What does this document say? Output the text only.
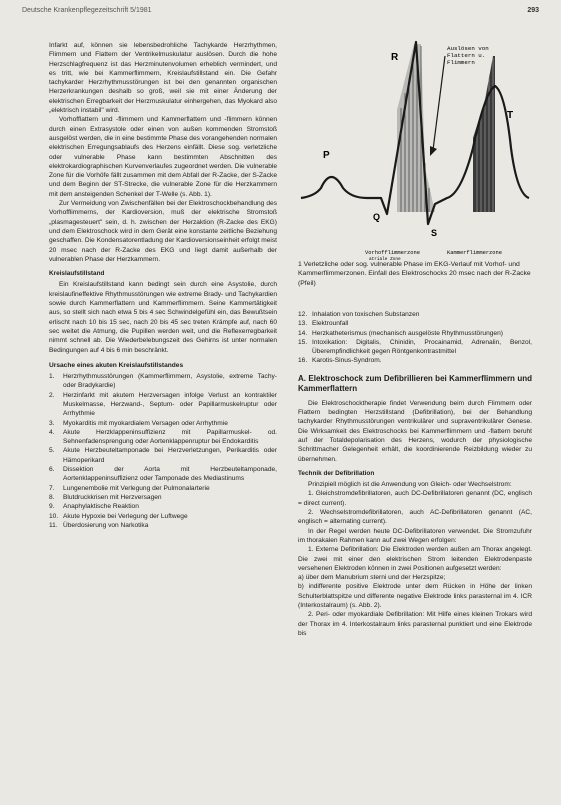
Deutsche Krankenpflegezeitschrift 5/1981	293

Infarkt auf, können sie lebensbedrohliche Tachykarde Herzrhythmen, Flimmern und Flattern der Ventrikelmuskulatur auslösen. Durch die hohe Herzschlagfrequenz ist das Herzminutenvolumen erheblich vermindert, und es tritt, wie bei Kammerflimmern, Kreislaufstillstand ein. Die Gefahr tachykarder Herzrhythmusstörungen ist bei den genannten organischen Herzerkrankungen deshalb so groß, weil sie mit einer Änderung der elektrischen Erregbarkeit der Herzmuskulatur einhergehen, das Myokard also „elektrisch instabil" wird.

Vorhofflattern und -flimmern und Kammerflattern und -flimmern können durch einen Extrasystole oder einen von außen kommenden Stromstoß ausgelöst werden, die in eine bestimmte Phase des vorangehenden normalen elektrischen Erregungsablaufs des Herzens einfällt. Diese sog. verletzliche oder vulnerable Phase kann bestimmten Abschnitten des elektrokardiographischen Kurvenverlaufes zugeordnet werden. Die vulnerable Zone für die Vorhöfe fällt zusammen mit dem Abfall der R-Zacke, der S-Zacke und dem Beginn der ST-Strecke, die vulnerable Zone für die Herzkammern mit dem ansteigenden Schenkel der T-Welle (s. Abb. 1).

Zur Vermeidung von Zwischenfällen bei der Elektroschockbehandlung des Vorhofflimmerns, der Kardioversion, muß der elektrische Stromstoß „plasmagesteuert" sein, d. h. zwischen der Herzaktion (R-Zacke des EKG) und dem Elektroschock wird in dem Gerät eine konstante zeitliche Beziehung geschaffen. Die Kondensatorentladung der Kardioversionseinheit erfolgt meist 20 msec nach der R-Zacke des EKG und liegt damit außerhalb der vulnerablen Phase der Herzkammern.

Kreislaufstillstand

Ein Kreislaufstillstand kann bedingt sein durch eine Asystolie, durch kreislaufineffektive Rhythmusstörungen wie extreme Brady- und Tachykardien sowie durch Kammerflattern und Kammerflimmern. Seine Kammertätigkeit aus, so stellt sich nach etwa 5 bis 4 sec Schwindelgefühl ein, das Bewußtsein erlischt nach 10 bis 15 sec, nach 20 bis 45 sec treten Krämpfe auf, nach 60 sec weitet die Atmung, die Pupillen werden weit, und die Reflexerregbarkeit nimmt schnell ab. Die Wiederbelebungszeit des Gehirns ist unter normalen Bedingungen auf 4 bis 6 min beschränkt.

Ursache eines akuten Kreislaufstillstandes

1. Herzrhythmusstörungen (Kammerflimmern, Asystolie, extreme Tachy- oder Bradykardie)
2. Herzinfarkt mit akutem Herzversagen infolge Verlust an kontraktiler Muskelmasse, Herzwand-, Septum- oder Papillarmuskelruptur oder Arrhythmie
3. Myokarditis mit myokardialem Versagen oder Arrhythmie
4. Akute Herzklappeninsuffizienz mit Papillarmuskel- od. Sehnenfadensprengung oder Aortenklappenruptur bei Endokarditis
5. Akute Herzbeuteltamponade bei Herzverletzungen, Perikarditis oder Hämoperikard
6. Dissektion der Aorta mit Herzbeuteltamponade, Aortenklappeninsuffizienz oder Tamponade des Mediastinums
7. Lungenembolie mit Verlegung der Pulmonalarterie
8. Blutdruckkrisen mit Herzversagen
9. Anaphylaktische Reaktion
10. Akute Hypoxie bei Verlegung der Luftwege
11. Überdosierung von Narkotika
R
P
T
Q
S
Auslösen von
Flattern u.
Flimmern
Vorhofflimmerzone
atriale Zone
Kammerflimmerzone
1 Verletzliche oder sog. vulnerable Phase im EKG-Verlauf mit Vorhof- und Kammerflimmerzonen. Einfall des Elektroschocks 20 msec nach der R-Zacke (Pfeil)
12. Inhalation von toxischen Substanzen
13. Elektrounfall
14. Herzkatheterismus (mechanisch ausgelöste Rhythmusstörungen)
15. Intoxikation: Digitalis, Chinidin, Procainamid, Adrenalin, Benzol, Überempfindlichkeit gegen Röntgenkontrastmittel
16. Karotis-Sinus-Syndrom.

A. Elektroschock zum Defibrillieren bei Kammerflimmern und Kammerflattern

Die Elektroschocktherapie findet Verwendung beim durch Flimmern oder Flattern bedingten Herzstillstand (Defibrillation), bei der Behandlung tachykarder Rhythmusstörungen ventrikulärer und supraventrikulärer Genese. Die Wirksamkeit des Elektroschocks bei Kammerflimmern und -flattern beruht auf der Totaldepolarisation des Herzens, wodurch der physiologische Schrittmacher Gelegenheit erhält, die koordinierende Reizbildung wieder zu übernehmen.

Technik der Defibrillation

Prinzipiell möglich ist die Anwendung von Gleich- oder Wechselstrom:

1. Gleichstromdefibrillatoren, auch DC-Defibrillatoren genannt (DC, englisch = direct current).

2. Wechselstromdefibrillatoren, auch AC-Defibrillatoren genannt (AC, englisch = alternating current).

In der Regel werden heute DC-Defibrillatoren verwendet. Die Stromzufuhr im thorakalen Rahmen kann auf zwei Wegen erfolgen:

1. Externe Defibrillation: Die Elektroden werden außen am Thorax angelegt. Die zwei mit einer den elektrischen Strom leitenden Elektrodenpaste versehenen Elektroden können in zwei Positionen aufgesetzt werden:

a) über dem Manubrium sterni und der Herzspitze;

b) indifferente positive Elektrode unter dem Rücken in Höhe der linken Schulterblattspitze und differente negative Elektrode links parasternal im 4. ICR (Interkostalraum) (s. Abb. 2).

2. Peri- oder myokardiale Defibrillation: Mit Hilfe eines kleinen Trokars wird der Thorax im 4. Interkostalraum links parasternal punktiert und eine Elektrode bis
